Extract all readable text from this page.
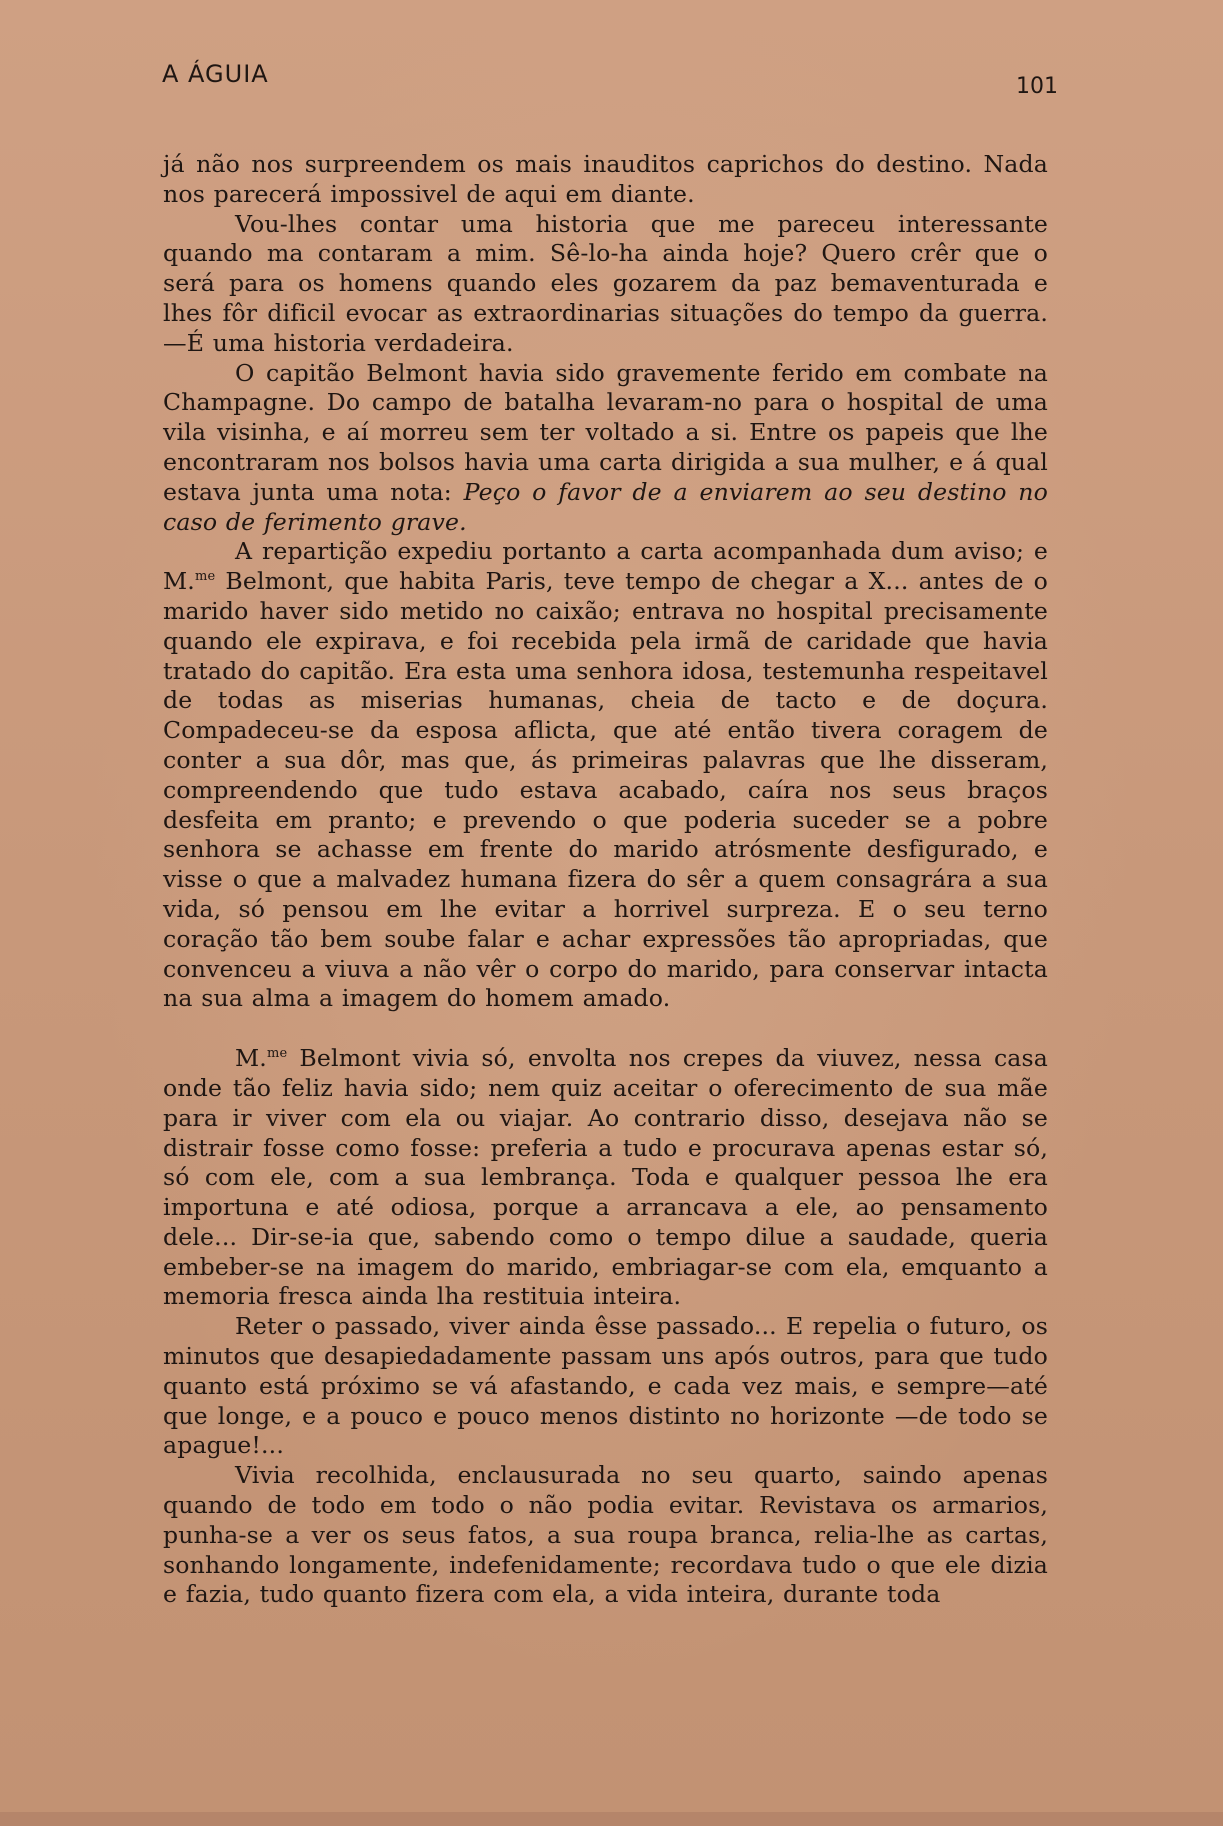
A ÁGUIA	101

já não nos surpreendem os mais inauditos caprichos do destino. Nada nos parecerá impossivel de aqui em diante.

Vou-lhes contar uma historia que me pareceu interessante quando ma contaram a mim. Sê-lo-ha ainda hoje? Quero crêr que o será para os homens quando eles gozarem da paz bemaventurada e lhes fôr dificil evocar as extraordinarias situações do tempo da guerra.—É uma historia verdadeira.

O capitão Belmont havia sido gravemente ferido em combate na Champagne. Do campo de batalha levaram-no para o hospital de uma vila visinha, e aí morreu sem ter voltado a si. Entre os papeis que lhe encontraram nos bolsos havia uma carta dirigida a sua mulher, e á qual estava junta uma nota: Peço o favor de a enviarem ao seu destino no caso de ferimento grave.

A repartição expediu portanto a carta acompanhada dum aviso; e M.$^{me}$ Belmont, que habita Paris, teve tempo de chegar a X... antes de o marido haver sido metido no caixão; entrava no hospital precisamente quando ele expirava, e foi recebida pela irmã de caridade que havia tratado do capitão. Era esta uma senhora idosa, testemunha respeitavel de todas as miserias humanas, cheia de tacto e de doçura. Compadeceu-se da esposa aflicta, que até então tivera coragem de conter a sua dôr, mas que, ás primeiras palavras que lhe disseram, compreendendo que tudo estava acabado, caíra nos seus braços desfeita em pranto; e prevendo o que poderia suceder se a pobre senhora se achasse em frente do marido atrósmente desfigurado, e visse o que a malvadez humana fizera do sêr a quem consagrára a sua vida, só pensou em lhe evitar a horrivel surpreza. E o seu terno coração tão bem soube falar e achar expressões tão apropriadas, que convenceu a viuva a não vêr o corpo do marido, para conservar intacta na sua alma a imagem do homem amado.

M.$^{me}$ Belmont vivia só, envolta nos crepes da viuvez, nessa casa onde tão feliz havia sido; nem quiz aceitar o oferecimento de sua mãe para ir viver com ela ou viajar. Ao contrario disso, desejava não se distrair fosse como fosse: preferia a tudo e procurava apenas estar só, só com ele, com a sua lembrança. Toda e qualquer pessoa lhe era importuna e até odiosa, porque a arrancava a ele, ao pensamento dele... Dir-se-ia que, sabendo como o tempo dilue a saudade, queria embeber-se na imagem do marido, embriagar-se com ela, emquanto a memoria fresca ainda lha restituia inteira.

Reter o passado, viver ainda êsse passado... E repelia o futuro, os minutos que desapiedadamente passam uns após outros, para que tudo quanto está próximo se vá afastando, e cada vez mais, e sempre—até que longe, e a pouco e pouco menos distinto no horizonte —de todo se apague!...

Vivia recolhida, enclausurada no seu quarto, saindo apenas quando de todo em todo o não podia evitar. Revistava os armarios, punha-se a ver os seus fatos, a sua roupa branca, relia-lhe as cartas, sonhando longamente, indefenidamente; recordava tudo o que ele dizia e fazia, tudo quanto fizera com ela, a vida inteira, durante toda
